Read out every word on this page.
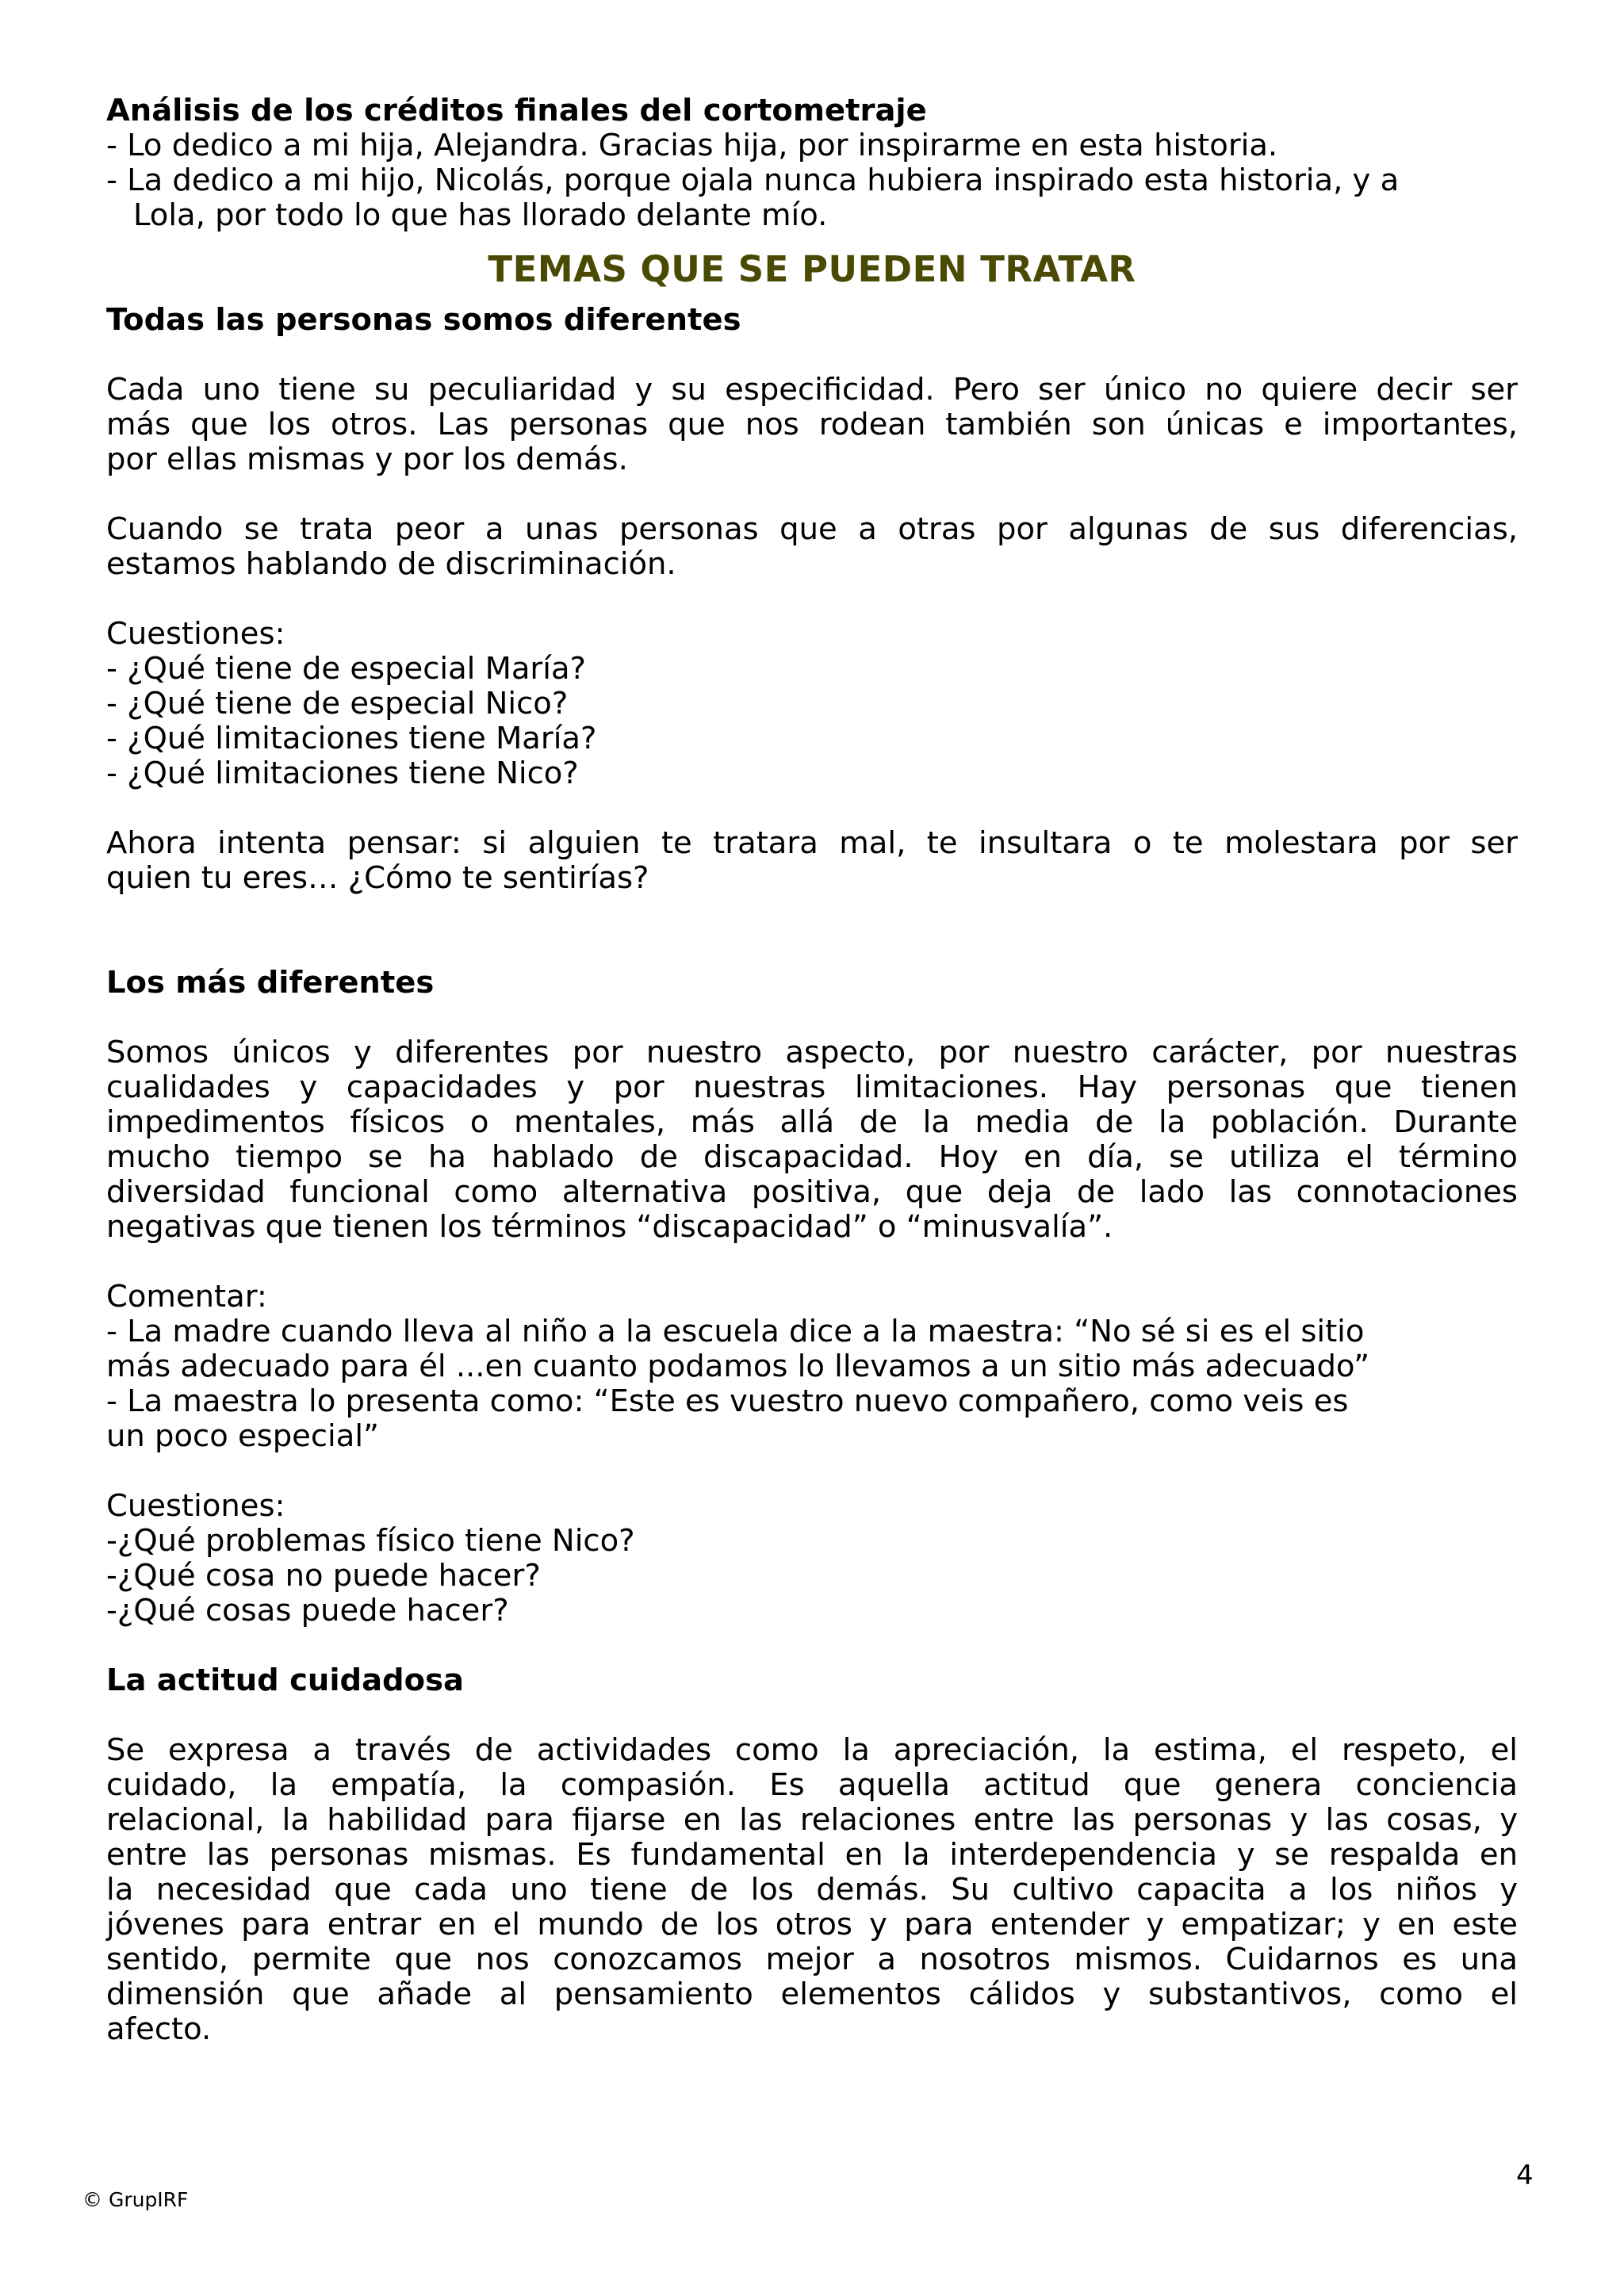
Análisis de los créditos finales del cortometraje
- Lo dedico a mi hija, Alejandra. Gracias hija, por inspirarme en esta historia.
- La dedico a mi hijo, Nicolás, porque ojala nunca hubiera inspirado esta historia, y a
Lola, por todo lo que has llorado delante mío.
TEMAS QUE SE PUEDEN TRATAR
Todas las personas somos diferentes
Cada uno tiene su peculiaridad y su especificidad. Pero ser único no quiere decir ser
más que los otros. Las personas que nos rodean también son únicas e importantes,
por ellas mismas y por los demás.
Cuando se trata peor a unas personas que a otras por algunas de sus diferencias,
estamos hablando de discriminación.
Cuestiones:
- ¿Qué tiene de especial María?
- ¿Qué tiene de especial Nico?
- ¿Qué limitaciones tiene María?
- ¿Qué limitaciones tiene Nico?
Ahora intenta pensar: si alguien te tratara mal, te insultara o te molestara por ser
quien tu eres… ¿Cómo te sentirías?
Los más diferentes
Somos únicos y diferentes por nuestro aspecto, por nuestro carácter, por nuestras
cualidades y capacidades y por nuestras limitaciones. Hay personas que tienen
impedimentos físicos o mentales, más allá de la media de la población. Durante
mucho tiempo se ha hablado de discapacidad. Hoy en día, se utiliza el término
diversidad funcional como alternativa positiva, que deja de lado las connotaciones
negativas que tienen los términos “discapacidad” o “minusvalía”.
Comentar:
- La madre cuando lleva al niño a la escuela dice a la maestra: “No sé si es el sitio
más adecuado para él ...en cuanto podamos lo llevamos a un sitio más adecuado”
- La maestra lo presenta como: “Este es vuestro nuevo compañero, como veis es
un poco especial”
Cuestiones:
-¿Qué problemas físico tiene Nico?
-¿Qué cosa no puede hacer?
-¿Qué cosas puede hacer?
La actitud cuidadosa
Se expresa a través de actividades como la apreciación, la estima, el respeto, el
cuidado, la empatía, la compasión. Es aquella actitud que genera conciencia
relacional, la habilidad para fijarse en las relaciones entre las personas y las cosas, y
entre las personas mismas. Es fundamental en la interdependencia y se respalda en
la necesidad que cada uno tiene de los demás. Su cultivo capacita a los niños y
jóvenes para entrar en el mundo de los otros y para entender y empatizar; y en este
sentido, permite que nos conozcamos mejor a nosotros mismos. Cuidarnos es una
dimensión que añade al pensamiento elementos cálidos y substantivos, como el
afecto.
4
© GrupIRF
